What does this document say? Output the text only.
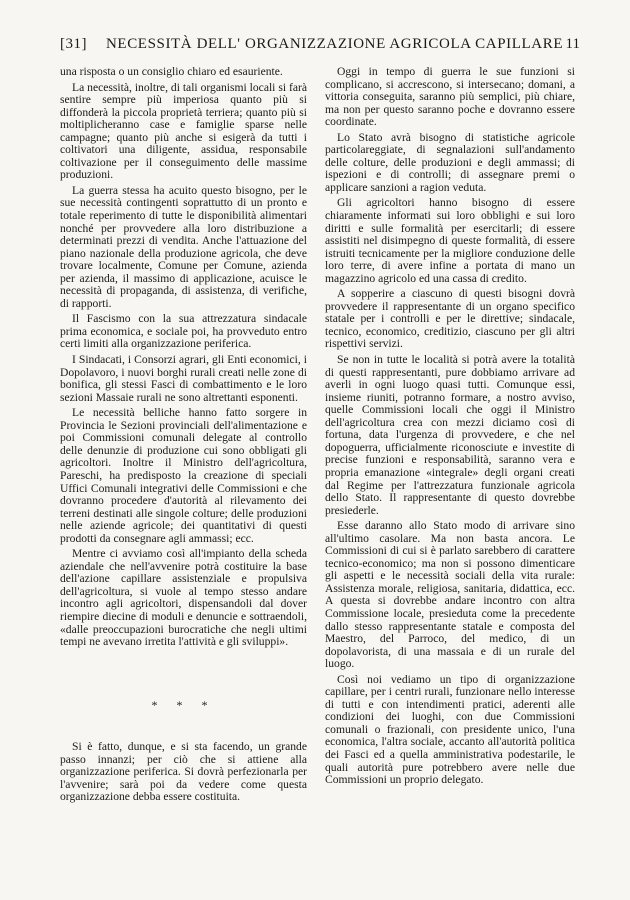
[31] NECESSITÀ DELL' ORGANIZZAZIONE AGRICOLA CAPILLARE 11

una risposta o un consiglio chiaro ed esauriente.

La necessità, inoltre, di tali organismi locali si farà sentire sempre più imperiosa quanto più si diffonderà la piccola proprietà terriera; quanto più si moltiplicheranno case e famiglie sparse nelle campagne; quanto più anche si esigerà da tutti i coltivatori una diligente, assidua, responsabile coltivazione per il conseguimento delle massime produzioni.

La guerra stessa ha acuito questo bisogno, per le sue necessità contingenti soprattutto di un pronto e totale reperimento di tutte le disponibilità alimentari nonché per provvedere alla loro distribuzione a determinati prezzi di vendita. Anche l'attuazione del piano nazionale della produzione agricola, che deve trovare localmente, Comune per Comune, azienda per azienda, il massimo di applicazione, acuisce le necessità di propaganda, di assistenza, di verifiche, di rapporti.

Il Fascismo con la sua attrezzatura sindacale prima economica, e sociale poi, ha provveduto entro certi limiti alla organizzazione periferica.

I Sindacati, i Consorzi agrari, gli Enti economici, i Dopolavoro, i nuovi borghi rurali creati nelle zone di bonifica, gli stessi Fasci di combattimento e le loro sezioni Massaie rurali ne sono altrettanti esponenti.

Le necessità belliche hanno fatto sorgere in Provincia le Sezioni provinciali dell'alimentazione e poi Commissioni comunali delegate al controllo delle denunzie di produzione cui sono obbligati gli agricoltori. Inoltre il Ministro dell'agricoltura, Pareschi, ha predisposto la creazione di speciali Uffici Comunali integrativi delle Commissioni e che dovranno procedere d'autorità al rilevamento dei terreni destinati alle singole colture; delle produzioni nelle aziende agricole; dei quantitativi di questi prodotti da consegnare agli ammassi; ecc.

Mentre ci avviamo così all'impianto della scheda aziendale che nell'avvenire potrà costituire la base dell'azione capillare assistenziale e propulsiva dell'agricoltura, si vuole al tempo stesso andare incontro agli agricoltori, dispensandoli dal dover riempire diecine di moduli e denuncie e sottraendoli, «dalle preoccupazioni burocratiche che negli ultimi tempi ne avevano irretita l'attività e gli sviluppi».

* * *

Si è fatto, dunque, e si sta facendo, un grande passo innanzi; per ciò che si attiene alla organizzazione periferica. Si dovrà perfezionarla per l'avvenire; sarà poi da vedere come questa organizzazione debba essere costituita.

Oggi in tempo di guerra le sue funzioni si complicano, si accrescono, si intersecano; domani, a vittoria conseguita, saranno più semplici, più chiare, ma non per questo saranno poche e dovranno essere coordinate.

Lo Stato avrà bisogno di statistiche agricole particolareggiate, di segnalazioni sull'andamento delle colture, delle produzioni e degli ammassi; di ispezioni e di controlli; di assegnare premi o applicare sanzioni a ragion veduta.

Gli agricoltori hanno bisogno di essere chiaramente informati sui loro obblighi e sui loro diritti e sulle formalità per esercitarli; di essere assistiti nel disimpegno di queste formalità, di essere istruiti tecnicamente per la migliore conduzione delle loro terre, di avere infine a portata di mano un magazzino agricolo ed una cassa di credito.

A sopperire a ciascuno di questi bisogni dovrà provvedere il rappresentante di un organo specifico statale per i controlli e per le direttive; sindacale, tecnico, economico, creditizio, ciascuno per gli altri rispettivi servizi.

Se non in tutte le località si potrà avere la totalità di questi rappresentanti, pure dobbiamo arrivare ad averli in ogni luogo quasi tutti. Comunque essi, insieme riuniti, potranno formare, a nostro avviso, quelle Commissioni locali che oggi il Ministro dell'agricoltura crea con mezzi diciamo così di fortuna, data l'urgenza di provvedere, e che nel dopoguerra, ufficialmente riconosciute e investite di precise funzioni e responsabilità, saranno vera e propria emanazione «integrale» degli organi creati dal Regime per l'attrezzatura funzionale agricola dello Stato. Il rappresentante di questo dovrebbe presiederle.

Esse daranno allo Stato modo di arrivare sino all'ultimo casolare. Ma non basta ancora. Le Commissioni di cui si è parlato sarebbero di carattere tecnico-economico; ma non si possono dimenticare gli aspetti e le necessità sociali della vita rurale: Assistenza morale, religiosa, sanitaria, didattica, ecc. A questa si dovrebbe andare incontro con altra Commissione locale, presieduta come la precedente dallo stesso rappresentante statale e composta del Maestro, del Parroco, del medico, di un dopolavorista, di una massaia e di un rurale del luogo.

Così noi vediamo un tipo di organizzazione capillare, per i centri rurali, funzionare nello interesse di tutti e con intendimenti pratici, aderenti alle condizioni dei luoghi, con due Commissioni comunali o frazionali, con presidente unico, l'una economica, l'altra sociale, accanto all'autorità politica dei Fasci ed a quella amministrativa podestarile, le quali autorità pure potrebbero avere nelle due Commissioni un proprio delegato.
